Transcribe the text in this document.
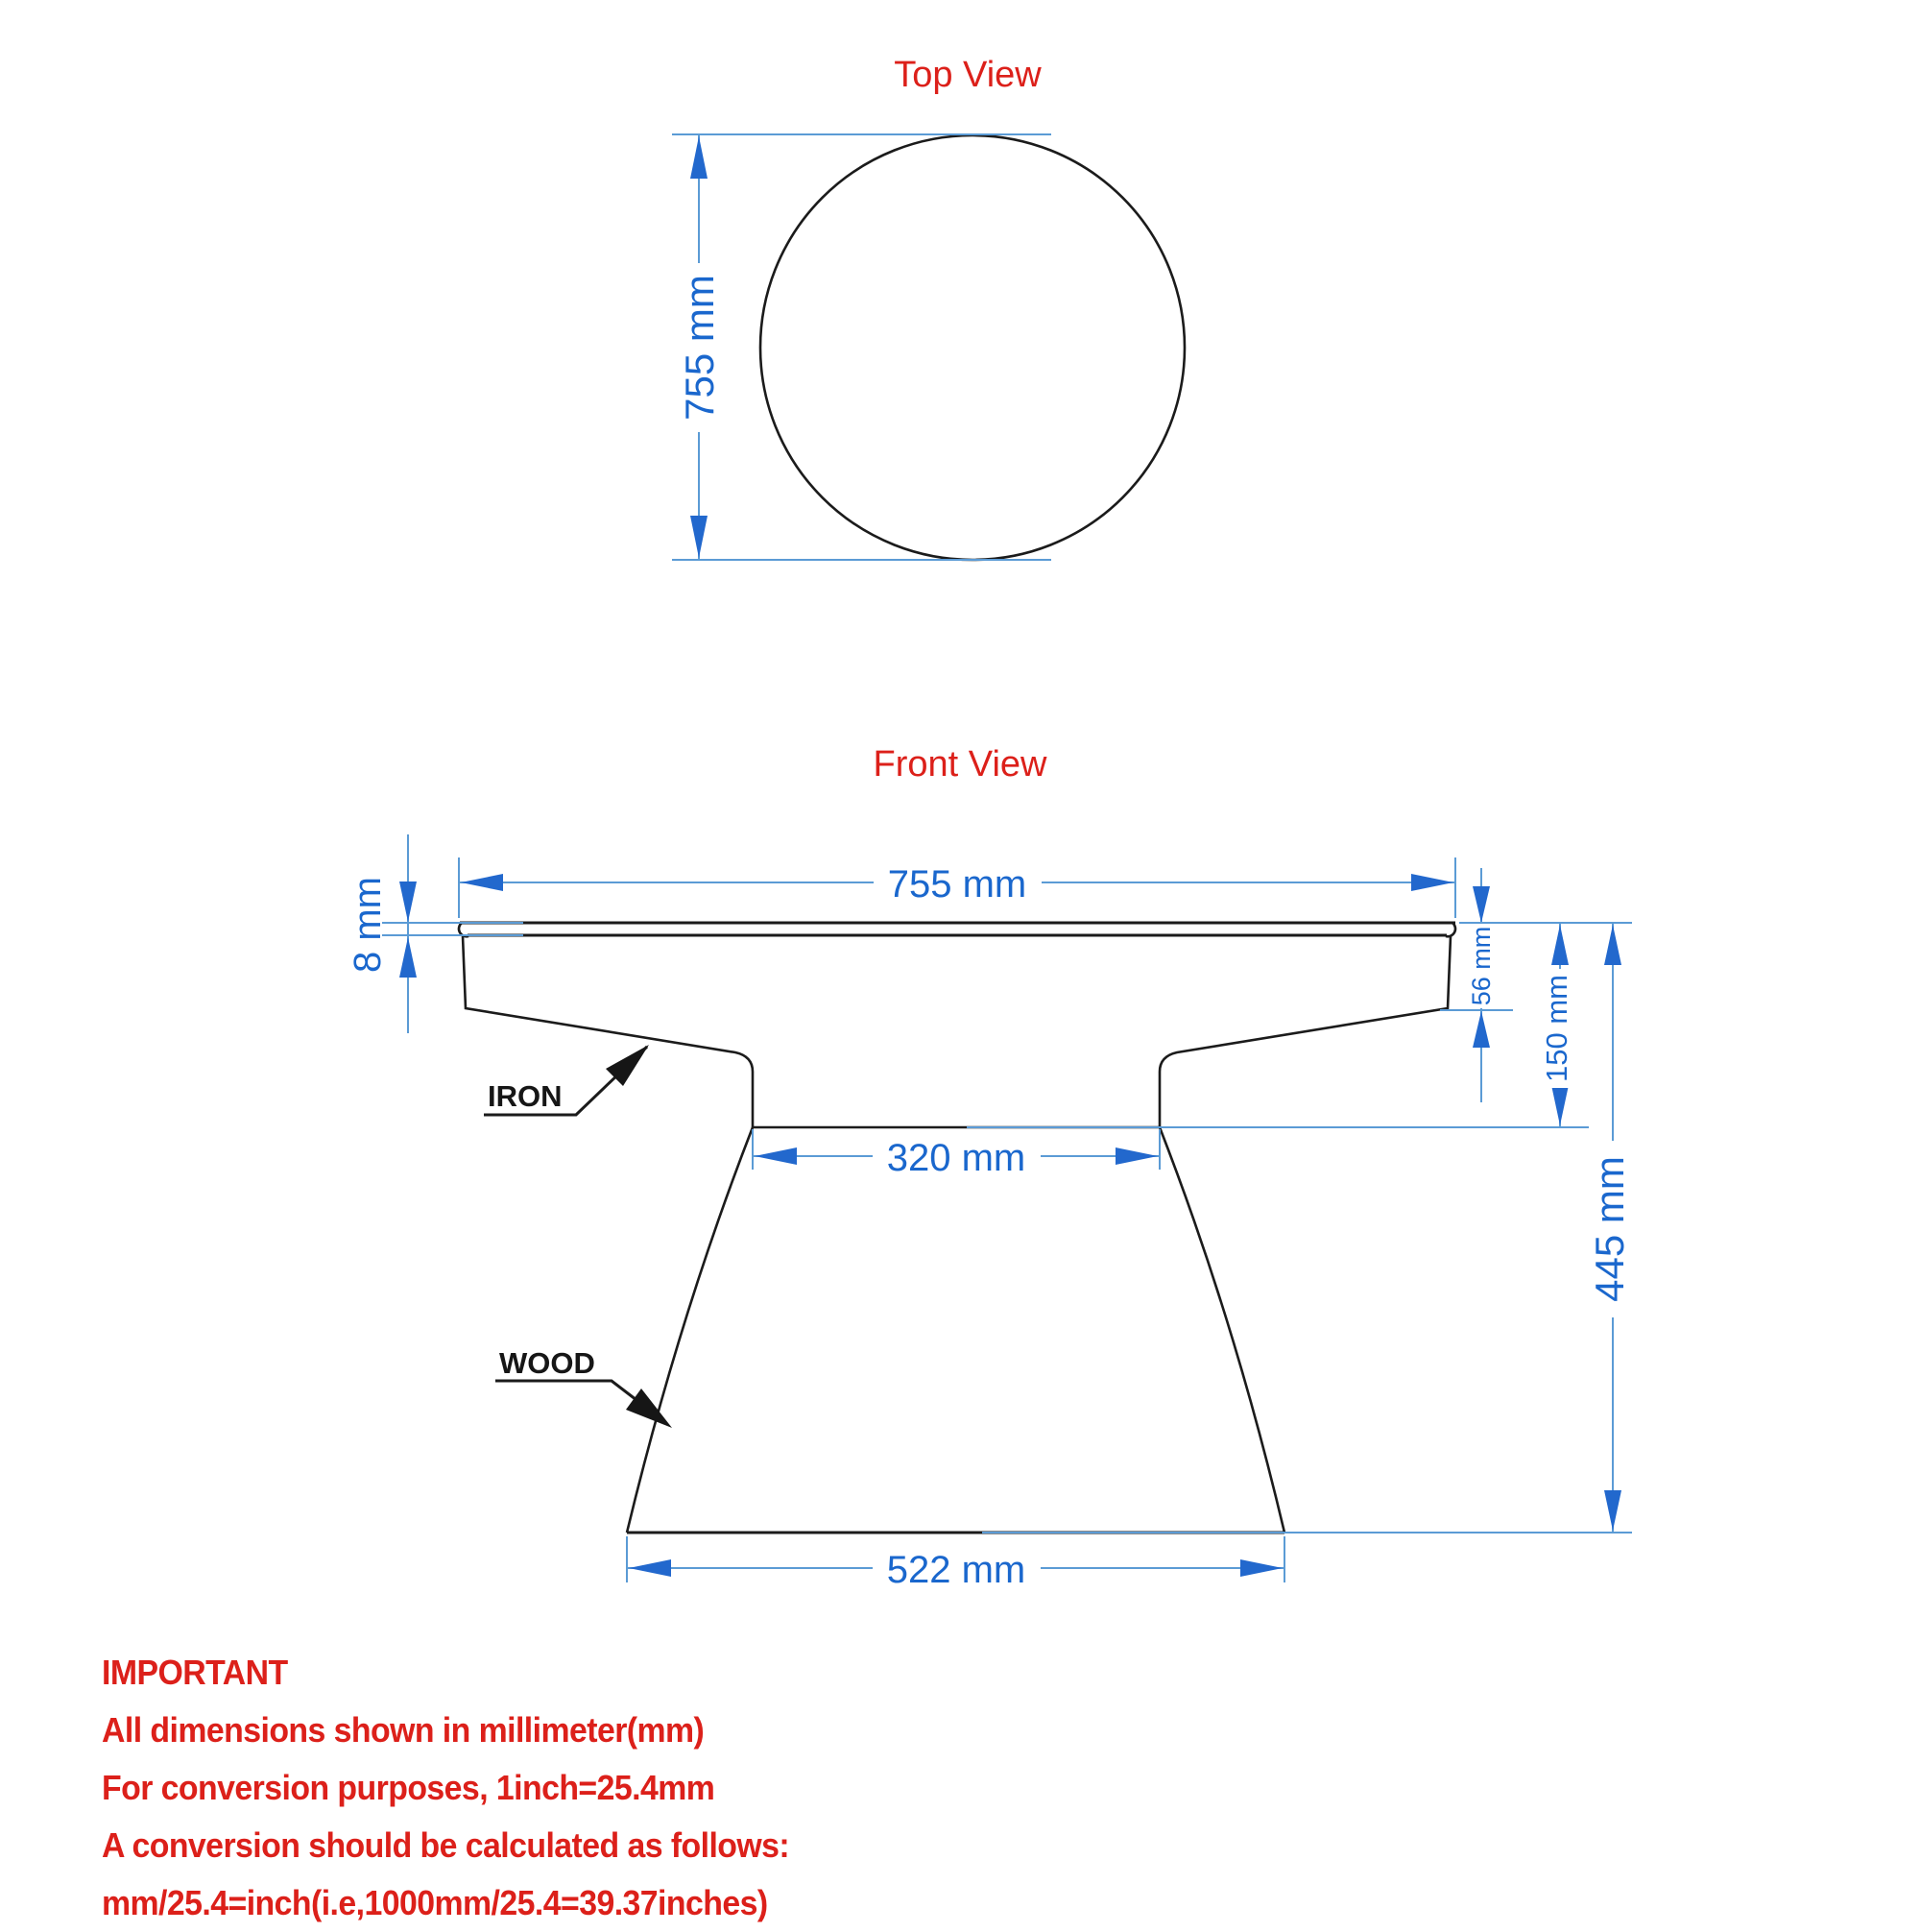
Top View
755 mm
Front View
755 mm
8 mm	56 mm
150 mm
445 mm
320 mm
522 mm
IRON
WOOD
IMPORTANT
All dimensions shown in millimeter(mm)
For conversion purposes, 1inch=25.4mm
A conversion should be calculated as follows:
mm/25.4=inch(i.e,1000mm/25.4=39.37inches)
